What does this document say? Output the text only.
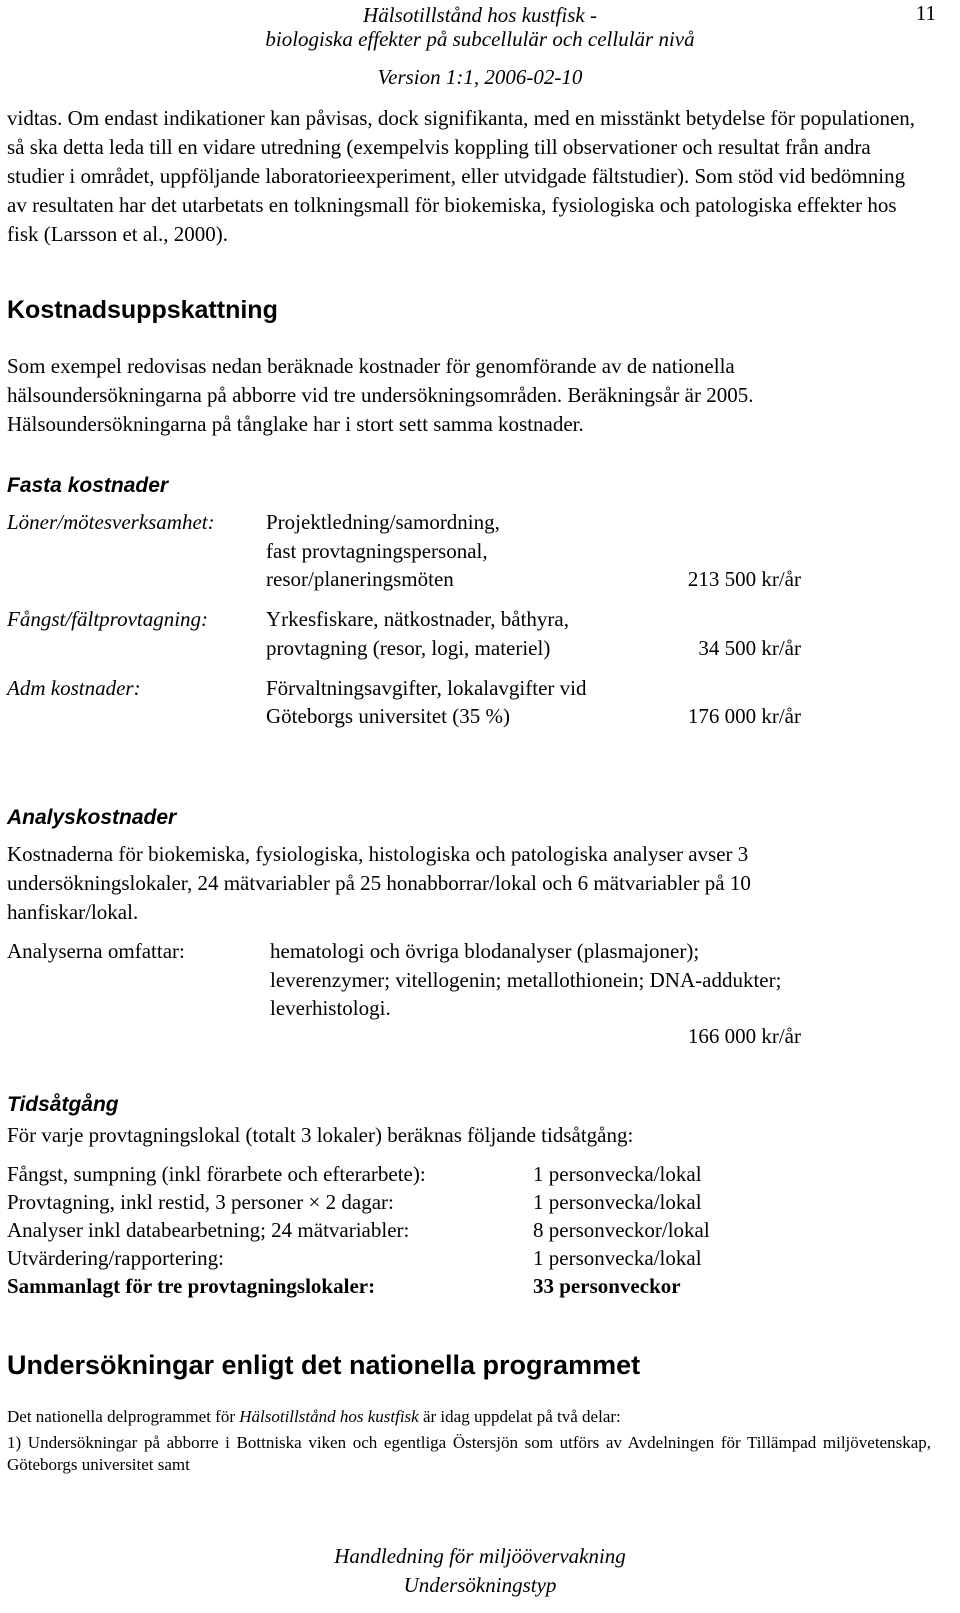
Hälsotillstånd hos kustfisk -
biologiska effekter på subcellulär och cellulär nivå
Version 1:1, 2006-02-10
11

vidtas. Om endast indikationer kan påvisas, dock signifikanta, med en misstänkt betydelse för populationen, så ska detta leda till en vidare utredning (exempelvis koppling till observationer och resultat från andra studier i området, uppföljande laboratorieexperiment, eller utvidgade fältstudier). Som stöd vid bedömning av resultaten har det utarbetats en tolkningsmall för biokemiska, fysiologiska och patologiska effekter hos fisk (Larsson et al., 2000).

Kostnadsuppskattning

Som exempel redovisas nedan beräknade kostnader för genomförande av de nationella hälsoundersökningarna på abborre vid tre undersökningsområden. Beräkningsår är 2005. Hälsoundersökningarna på tånglake har i stort sett samma kostnader.

Fasta kostnader
Löner/mötesverksamhet: Projektledning/samordning,
fast provtagningspersonal,
resor/planeringsmöten	213 500 kr/år
Fångst/fältprovtagning:	Yrkesfiskare, nätkostnader, båthyra,
provtagning (resor, logi, materiel)	34 500 kr/år
Adm kostnader:	Förvaltningsavgifter, lokalavgifter vid
Göteborgs universitet (35 %)	176 000 kr/år
Analyskostnader

Kostnaderna för biokemiska, fysiologiska, histologiska och patologiska analyser avser 3 undersökningslokaler, 24 mätvariabler på 25 honabborrar/lokal och 6 mätvariabler på 10 hanfiskar/lokal.

Analyserna omfattar:	hematologi och övriga blodanalyser (plasmajoner);
leverenzymer; vitellogenin; metallothionein; DNA-addukter;
leverhistologi.
166 000 kr/år
Tidsåtgång
För varje provtagningslokal (totalt 3 lokaler) beräknas följande tidsåtgång:
Fångst, sumpning (inkl förarbete och efterarbete):	1 personvecka/lokal
Provtagning, inkl restid, 3 personer × 2 dagar:	1 personvecka/lokal
Analyser inkl databearbetning; 24 mätvariabler:	8 personveckor/lokal
Utvärdering/rapportering:	1 personvecka/lokal
Sammanlagt för tre provtagningslokaler:	33 personveckor
Undersökningar enligt det nationella programmet

Det nationella delprogrammet för Hälsotillstånd hos kustfisk är idag uppdelat på två delar:

1) Undersökningar på abborre i Bottniska viken och egentliga Östersjön som utförs av Avdelningen för Tillämpad miljövetenskap, Göteborgs universitet samt

Handledning för miljöövervakning
Undersökningstyp
